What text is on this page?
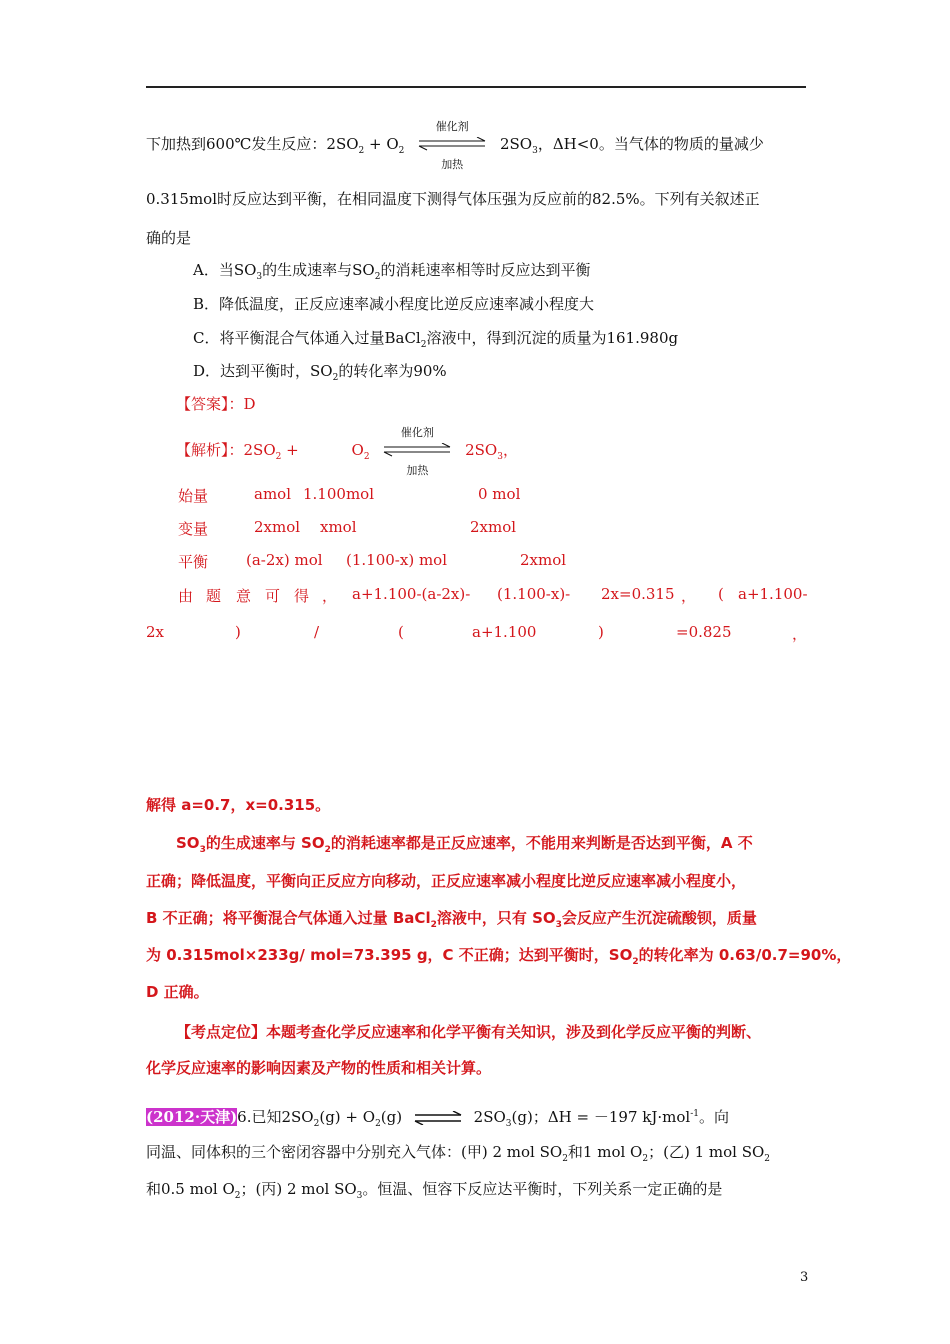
下加热到600℃发生反应：$2SO_2 + O_2$
催化剂
加热
$2SO_3$，ΔH<0。当气体的物质的量减少
0.315mol时反应达到平衡，在相同温度下测得气体压强为反应前的82.5%。下列有关叙述正
确的是
A．当$SO_3$的生成速率与$SO_2$的消耗速率相等时反应达到平衡
B．降低温度，正反应速率减小程度比逆反应速率减小程度大
C．将平衡混合气体通入过量BaCl$_2$溶液中，得到沉淀的质量为161.980g
D．达到平衡时，$SO_2$的转化率为90%
【答案】：D
【解析】：$2SO_2$ +	$O_2$
催化剂
加热
$2SO_3$，
始量	amol 1.100mol	0 mol
变量	2xmol xmol	2xmol
平衡	(a-2x) mol (1.100-x) mol	2xmol
由 题 意 可 得 ， a+1.100-(a-2x)- (1.100-x)- 2x=0.315 ， ( a+1.100-
2x	)	/	(	a+1.100	)	=0.825	，
解得 a=0.7，x=0.315。
$SO_3$的生成速率与 $SO_2$的消耗速率都是正反应速率，不能用来判断是否达到平衡，A 不
正确；降低温度，平衡向正反应方向移动，正反应速率减小程度比逆反应速率减小程度小，
B 不正确；将平衡混合气体通入过量 BaCl$_2$溶液中，只有 $SO_3$会反应产生沉淀硫酸钡，质量
为 0.315mol×233g/ mol=73.395 g，C 不正确；达到平衡时，$SO_2$的转化率为 0.63/0.7=90%，
D 正确。
【考点定位】本题考查化学反应速率和化学平衡有关知识，涉及到化学反应平衡的判断、
化学反应速率的影响因素及产物的性质和相关计算。
(2012·天津)6.已知$2SO_2(g) + O_2(g)$ ⇌ $2SO_3(g)$；ΔH = －197 kJ·mol$^{-1}$。向
同温、同体积的三个密闭容器中分别充入气体：(甲) 2 mol $SO_2$和1 mol $O_2$；(乙) 1 mol $SO_2$
和0.5 mol $O_2$；(丙) 2 mol $SO_3$。恒温、恒容下反应达平衡时，下列关系一定正确的是
3
